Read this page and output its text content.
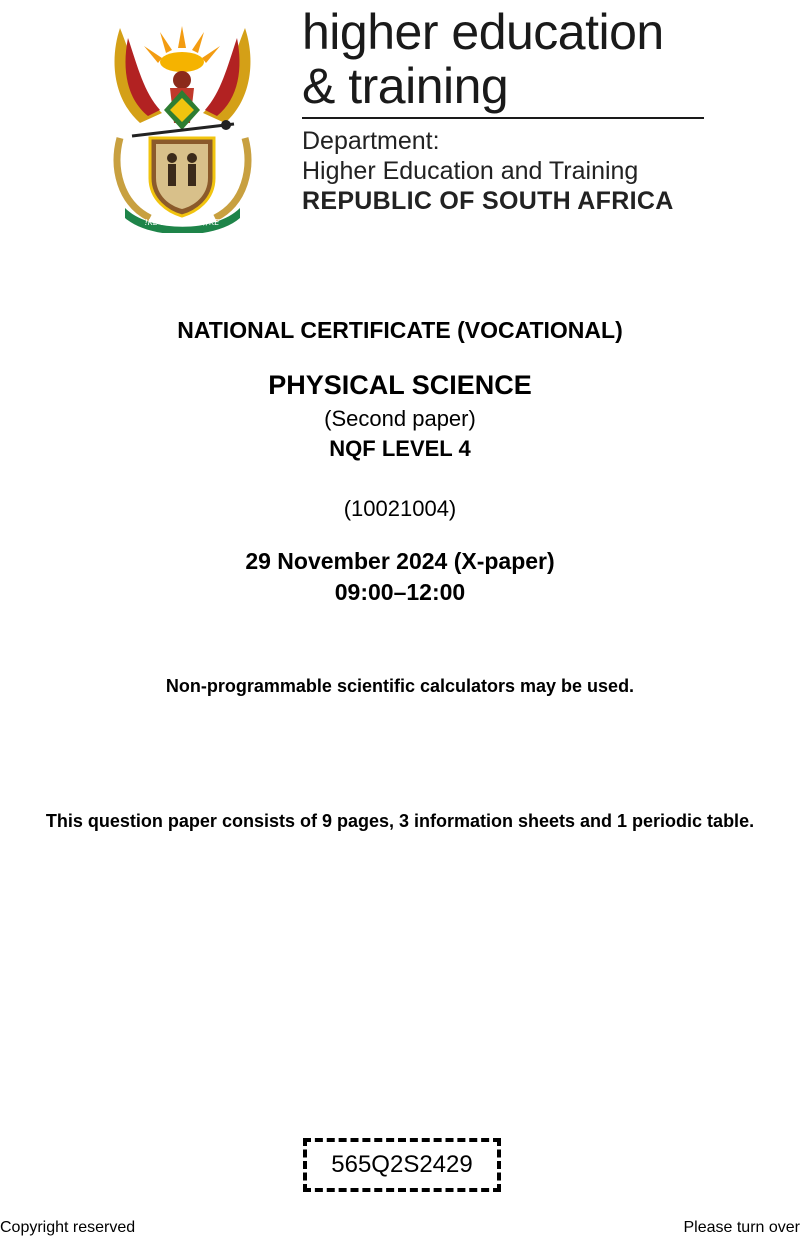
!KE E: /XARRA //KE
higher education
& training
Department:
Higher Education and Training
REPUBLIC OF SOUTH AFRICA
NATIONAL CERTIFICATE (VOCATIONAL)
PHYSICAL SCIENCE
(Second paper)
NQF LEVEL 4
(10021004)
29 November 2024 (X-paper)
09:00–12:00
Non-programmable scientific calculators may be used.
This question paper consists of 9 pages, 3 information sheets and 1 periodic table.
565Q2S2429
Copyright reserved	Please turn over
